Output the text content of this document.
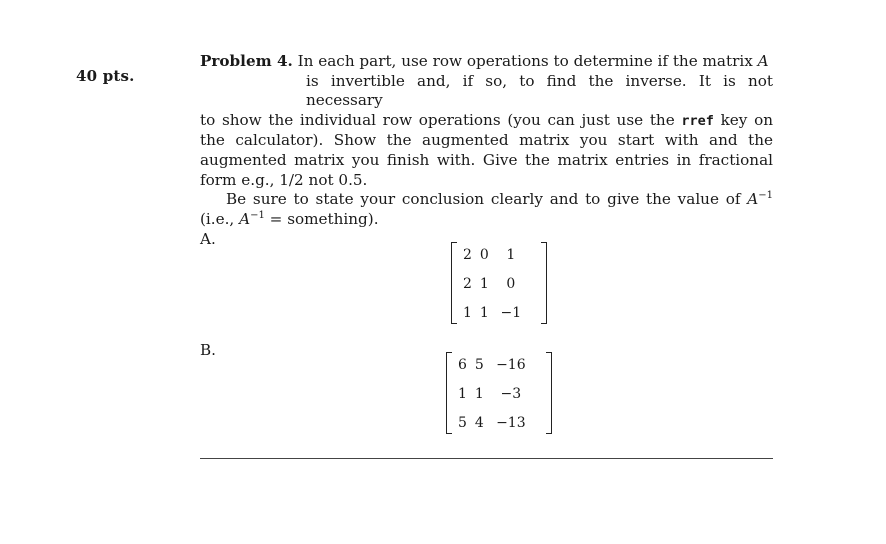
40 pts.

Problem 4. In each part, use row operations to determine if the matrix A

is invertible and, if so, to find the inverse. It is not necessary

to show the individual row operations (you can just use the rref key on the calculator). Show the augmented matrix you start with and the augmented matrix you finish with. Give the matrix entries in fractional form e.g., 1/2 not 0.5.

Be sure to state your conclusion clearly and to give the value of $A^{-1}$ (i.e., $A^{-1}$ = something).

A.
2	0	1
2	1	0
1	1	−1
B.
6	5	−16
1	1	−3
5	4	−13
